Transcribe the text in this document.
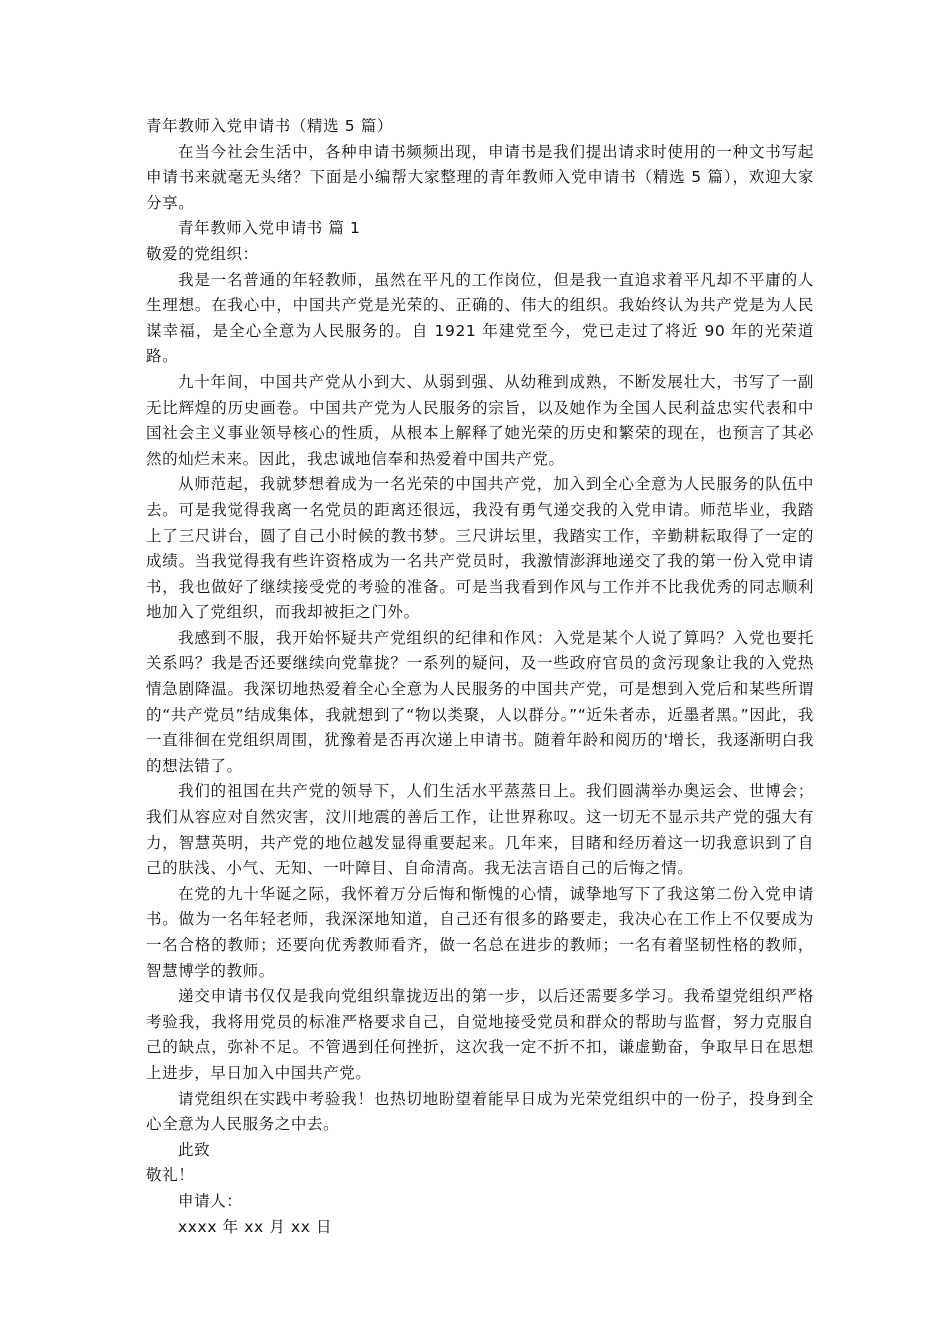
青年教师入党申请书（精选 5 篇）

在当今社会生活中，各种申请书频频出现，申请书是我们提出请求时使用的一种文书写起申请书来就毫无头绪？下面是小编帮大家整理的青年教师入党申请书（精选 5 篇），欢迎大家分享。

青年教师入党申请书 篇 1

敬爱的党组织：

我是一名普通的年轻教师，虽然在平凡的工作岗位，但是我一直追求着平凡却不平庸的人生理想。在我心中，中国共产党是光荣的、正确的、伟大的组织。我始终认为共产党是为人民谋幸福，是全心全意为人民服务的。自 1921 年建党至今，党已走过了将近 90 年的光荣道路。

九十年间，中国共产党从小到大、从弱到强、从幼稚到成熟，不断发展壮大，书写了一副无比辉煌的历史画卷。中国共产党为人民服务的宗旨，以及她作为全国人民利益忠实代表和中国社会主义事业领导核心的性质，从根本上解释了她光荣的历史和繁荣的现在，也预言了其必然的灿烂未来。因此，我忠诚地信奉和热爱着中国共产党。

从师范起，我就梦想着成为一名光荣的中国共产党，加入到全心全意为人民服务的队伍中去。可是我觉得我离一名党员的距离还很远，我没有勇气递交我的入党申请。师范毕业，我踏上了三尺讲台，圆了自己小时候的教书梦。三尺讲坛里，我踏实工作，辛勤耕耘取得了一定的成绩。当我觉得我有些许资格成为一名共产党员时，我激情澎湃地递交了我的第一份入党申请书，我也做好了继续接受党的考验的准备。可是当我看到作风与工作并不比我优秀的同志顺利地加入了党组织，而我却被拒之门外。

我感到不服，我开始怀疑共产党组织的纪律和作风：入党是某个人说了算吗？入党也要托关系吗？我是否还要继续向党靠拢？一系列的疑问，及一些政府官员的贪污现象让我的入党热情急剧降温。我深切地热爱着全心全意为人民服务的中国共产党，可是想到入党后和某些所谓的“共产党员”结成集体，我就想到了“物以类聚，人以群分。”“近朱者赤，近墨者黑。”因此，我一直徘徊在党组织周围，犹豫着是否再次递上申请书。随着年龄和阅历的'增长，我逐渐明白我的想法错了。

我们的祖国在共产党的领导下，人们生活水平蒸蒸日上。我们圆满举办奥运会、世博会；我们从容应对自然灾害，汶川地震的善后工作，让世界称叹。这一切无不显示共产党的强大有力，智慧英明，共产党的地位越发显得重要起来。几年来，目睹和经历着这一切我意识到了自己的肤浅、小气、无知、一叶障目、自命清高。我无法言语自己的后悔之情。

在党的九十华诞之际，我怀着万分后悔和惭愧的心情，诚挚地写下了我这第二份入党申请书。做为一名年轻老师，我深深地知道，自己还有很多的路要走，我决心在工作上不仅要成为一名合格的教师；还要向优秀教师看齐，做一名总在进步的教师；一名有着坚韧性格的教师，智慧博学的教师。

递交申请书仅仅是我向党组织靠拢迈出的第一步，以后还需要多学习。我希望党组织严格考验我，我将用党员的标准严格要求自己，自觉地接受党员和群众的帮助与监督，努力克服自己的缺点，弥补不足。不管遇到任何挫折，这次我一定不折不扣，谦虚勤奋，争取早日在思想上进步，早日加入中国共产党。

请党组织在实践中考验我！也热切地盼望着能早日成为光荣党组织中的一份子，投身到全心全意为人民服务之中去。

此致

敬礼！

申请人：

xxxx 年 xx 月 xx 日
